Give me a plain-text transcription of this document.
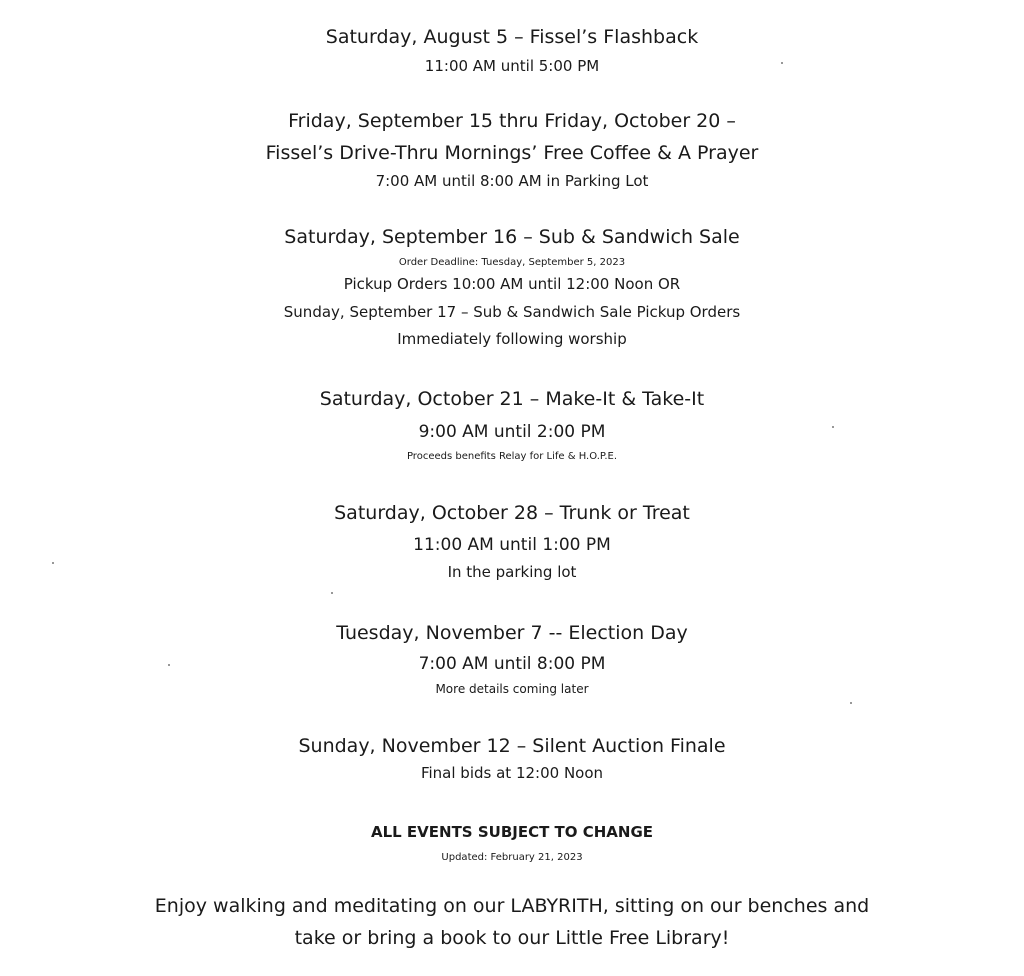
Saturday, August 5 – Fissel’s Flashback
11:00 AM until 5:00 PM
Friday, September 15 thru Friday, October 20 –
Fissel’s Drive-Thru Mornings’ Free Coffee & A Prayer
7:00 AM until 8:00 AM in Parking Lot
Saturday, September 16 – Sub & Sandwich Sale
Order Deadline: Tuesday, September 5, 2023
Pickup Orders 10:00 AM until 12:00 Noon OR
Sunday, September 17 – Sub & Sandwich Sale Pickup Orders
Immediately following worship
Saturday, October 21 – Make-It & Take-It
9:00 AM until 2:00 PM
Proceeds benefits Relay for Life & H.O.P.E.
Saturday, October 28 – Trunk or Treat
11:00 AM until 1:00 PM
In the parking lot
Tuesday, November 7 -- Election Day
7:00 AM until 8:00 PM
More details coming later
Sunday, November 12 – Silent Auction Finale
Final bids at 12:00 Noon
ALL EVENTS SUBJECT TO CHANGE
Updated: February 21, 2023
Enjoy walking and meditating on our LABYRITH, sitting on our benches and
take or bring a book to our Little Free Library!
